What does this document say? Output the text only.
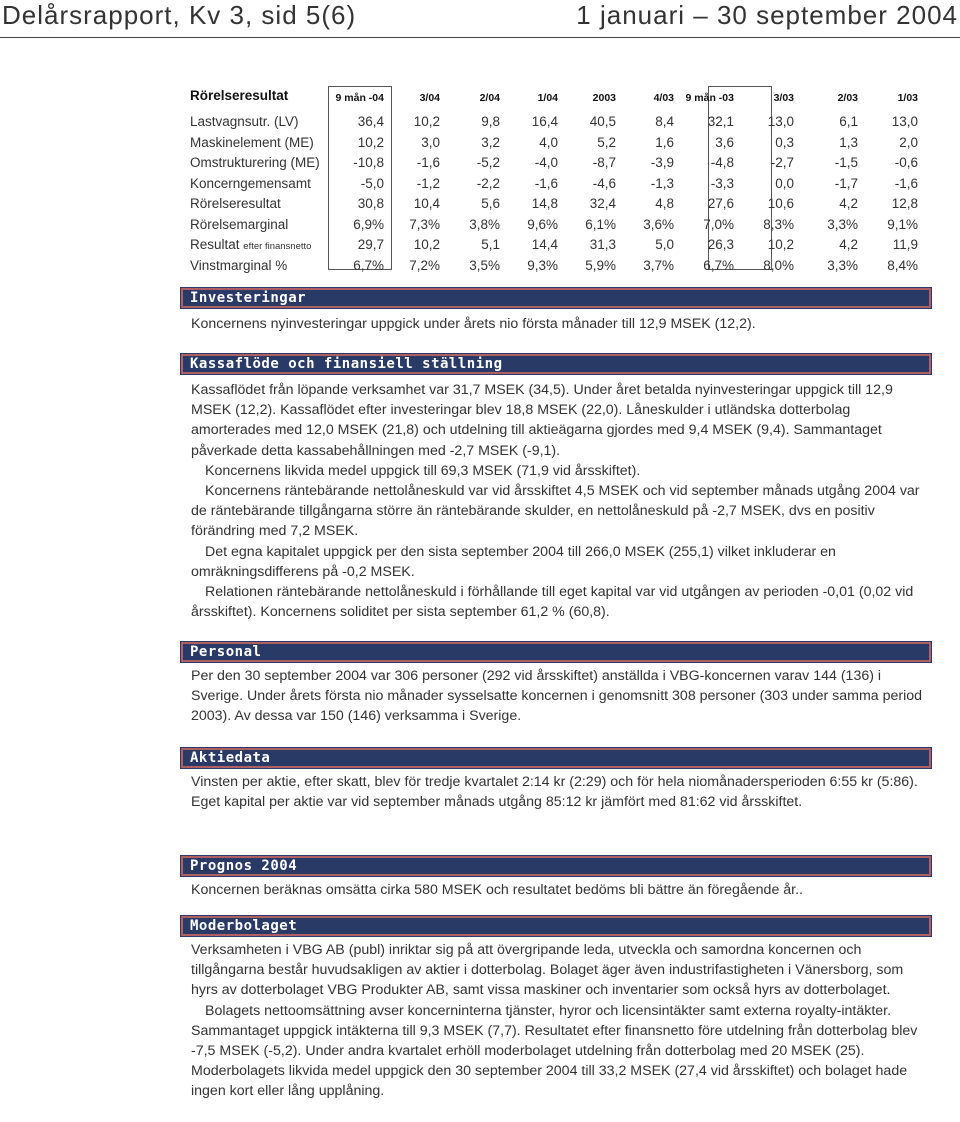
Delårsrapport, Kv 3, sid 5(6)	1 januari – 30 september 2004
Rörelseresultat	9 mån -04	3/04	2/04	1/04	2003	4/03	9 mån -03	3/03	2/03	1/03
Lastvagnsutr. (LV)	36,4	10,2	9,8	16,4	40,5	8,4	32,1	13,0	6,1	13,0
Maskinelement (ME)	10,2	3,0	3,2	4,0	5,2	1,6	3,6	0,3	1,3	2,0
Omstrukturering (ME)	-10,8	-1,6	-5,2	-4,0	-8,7	-3,9	-4,8	-2,7	-1,5	-0,6
Koncerngemensamt	-5,0	-1,2	-2,2	-1,6	-4,6	-1,3	-3,3	0,0	-1,7	-1,6
Rörelseresultat	30,8	10,4	5,6	14,8	32,4	4,8	27,6	10,6	4,2	12,8
Rörelsemarginal	6,9%	7,3%	3,8%	9,6%	6,1%	3,6%	7,0%	8,3%	3,3%	9,1%
Resultat efter finansnetto	29,7	10,2	5,1	14,4	31,3	5,0	26,3	10,2	4,2	11,9
Vinstmarginal %	6,7%	7,2%	3,5%	9,3%	5,9%	3,7%	6,7%	8,0%	3,3%	8,4%
Investeringar

Koncernens nyinvesteringar uppgick under årets nio första månader till 12,9 MSEK (12,2).

Kassaflöde och finansiell ställning

Kassaflödet från löpande verksamhet var 31,7 MSEK (34,5). Under året betalda nyinvesteringar uppgick till 12,9 MSEK (12,2). Kassaflödet efter investeringar blev 18,8 MSEK (22,0). Låneskulder i utländska dotterbolag amorterades med 12,0 MSEK (21,8) och utdelning till aktieägarna gjordes med 9,4 MSEK (9,4). Sammantaget påverkade detta kassabehållningen med -2,7 MSEK (-9,1).

Koncernens likvida medel uppgick till 69,3 MSEK (71,9 vid årsskiftet).

Koncernens räntebärande nettolåneskuld var vid årsskiftet 4,5 MSEK och vid september månads utgång 2004 var de räntebärande tillgångarna större än räntebärande skulder, en nettolåneskuld på -2,7 MSEK, dvs en positiv förändring med 7,2 MSEK.

Det egna kapitalet uppgick per den sista september 2004 till 266,0 MSEK (255,1) vilket inkluderar en omräkningsdifferens på -0,2 MSEK.

Relationen räntebärande nettolåneskuld i förhållande till eget kapital var vid utgången av perioden -0,01 (0,02 vid årsskiftet). Koncernens soliditet per sista september 61,2 % (60,8).

Personal

Per den 30 september 2004 var 306 personer (292 vid årsskiftet) anställda i VBG-koncernen varav 144 (136) i Sverige. Under årets första nio månader sysselsatte koncernen i genomsnitt 308 personer (303 under samma period 2003). Av dessa var 150 (146) verksamma i Sverige.

Aktiedata

Vinsten per aktie, efter skatt, blev för tredje kvartalet 2:14 kr (2:29) och för hela niomånadersperioden 6:55 kr (5:86). Eget kapital per aktie var vid september månads utgång 85:12 kr jämfört med 81:62 vid årsskiftet.

Prognos 2004

Koncernen beräknas omsätta cirka 580 MSEK och resultatet bedöms bli bättre än föregående år..

Moderbolaget

Verksamheten i VBG AB (publ) inriktar sig på att övergripande leda, utveckla och samordna koncernen och tillgångarna består huvudsakligen av aktier i dotterbolag. Bolaget äger även industrifastigheten i Vänersborg, som hyrs av dotterbolaget VBG Produkter AB, samt vissa maskiner och inventarier som också hyrs av dotterbolaget.

Bolagets nettoomsättning avser koncerninterna tjänster, hyror och licensintäkter samt externa royalty-intäkter. Sammantaget uppgick intäkterna till 9,3 MSEK (7,7). Resultatet efter finansnetto före utdelning från dotterbolag blev -7,5 MSEK (-5,2). Under andra kvartalet erhöll moderbolaget utdelning från dotterbolag med 20 MSEK (25). Moderbolagets likvida medel uppgick den 30 september 2004 till 33,2 MSEK (27,4 vid årsskiftet) och bolaget hade ingen kort eller lång upplåning.
